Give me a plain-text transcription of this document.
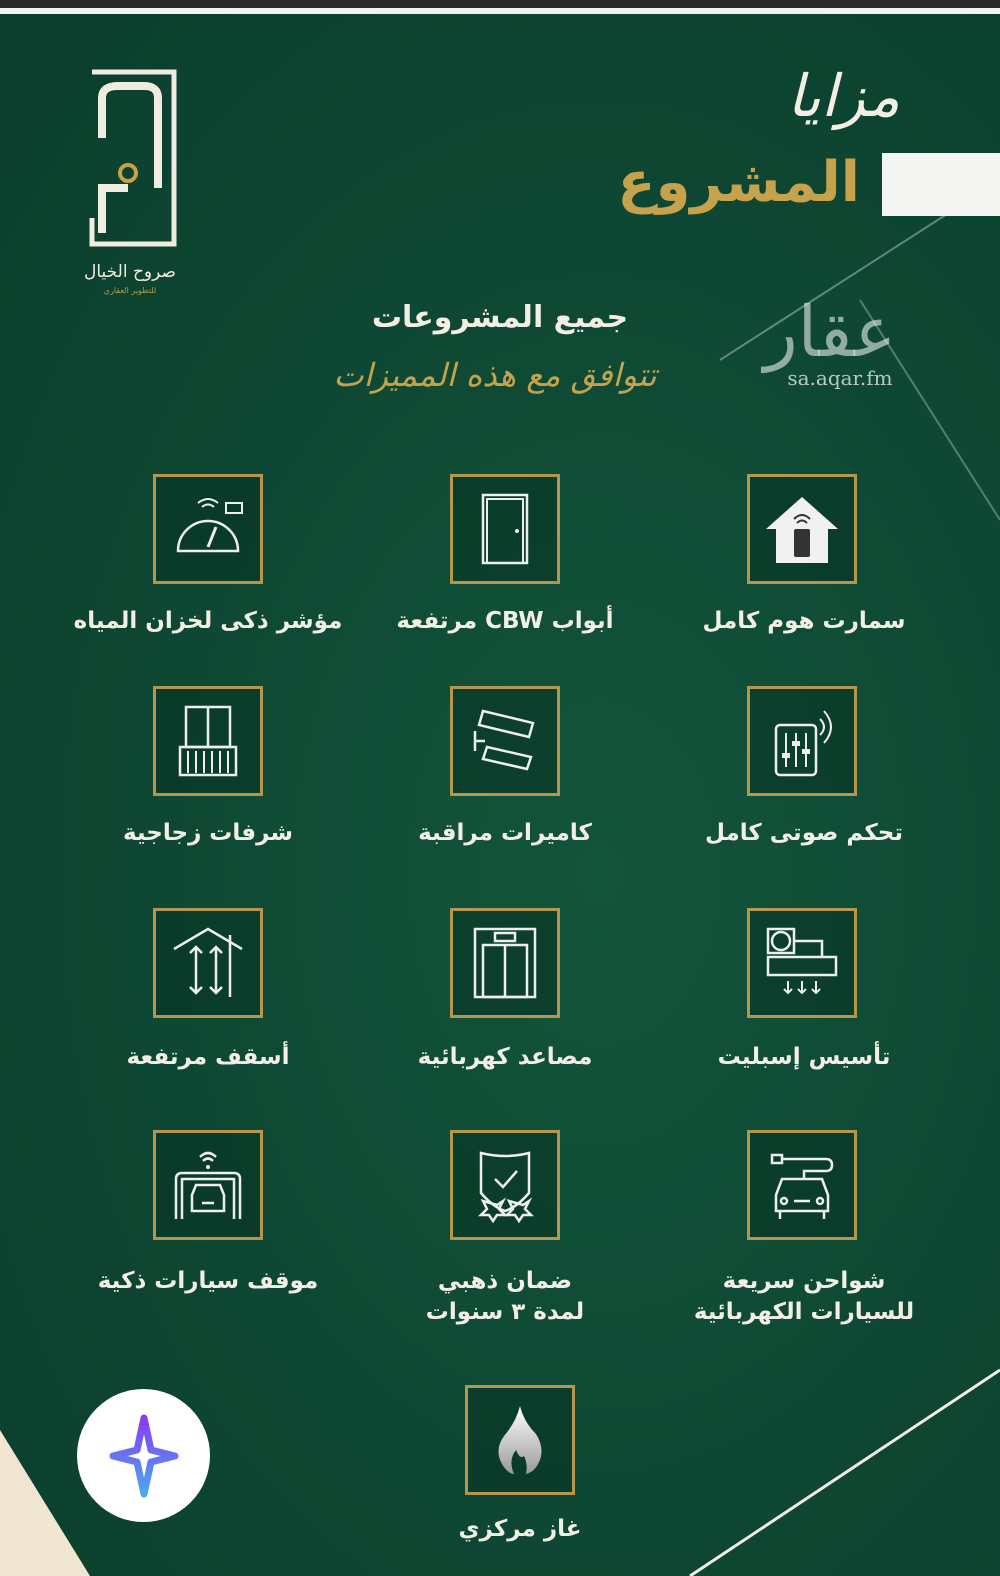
صروح الخيال
للتطوير العقاري
مزايا
المشروع
عقار
sa.aqar.fm
جميع المشروعات
تتوافق مع هذه المميزات
سمارت هوم كامل
أبواب CBW مرتفعة
مؤشر ذكى لخزان المياه
تحكم صوتى كامل
كاميرات مراقبة
شرفات زجاجية
تأسيس إسبليت
مصاعد كهربائية
أسقف مرتفعة
شواحن سريعة
للسيارات الكهربائية
ضمان ذهبي
لمدة ٣ سنوات
موقف سيارات ذكية
غاز مركزي
